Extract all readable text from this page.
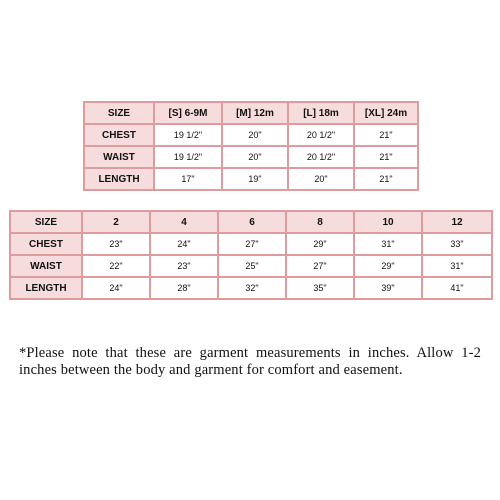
SIZE	[S] 6-9M	[M] 12m	[L] 18m	[XL] 24m
CHEST	19 1/2"	20"	20 1/2"	21"
WAIST	19 1/2"	20"	20 1/2"	21"
LENGTH	17"	19"	20"	21"
SIZE	2	4	6	8	10	12
CHEST	23"	24"	27"	29"	31"	33"
WAIST	22"	23"	25"	27"	29"	31"
LENGTH	24"	28"	32"	35"	39"	41"

*Please note that these are garment measurements in inches. Allow 1-2 inches between the body and garment for comfort and easement.
